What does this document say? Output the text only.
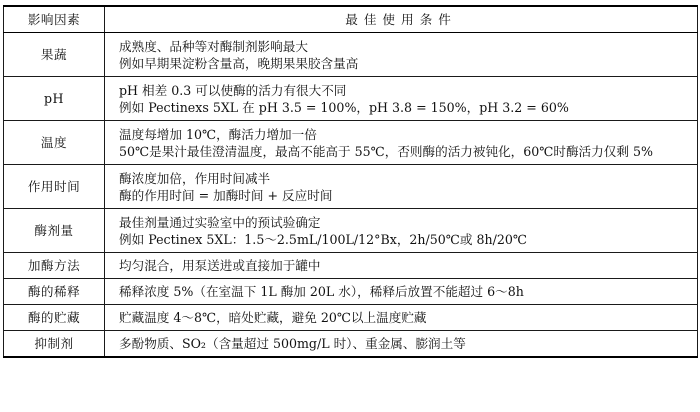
影响因素	最佳使用条件
果蔬	成熟度、品种等对酶制剂影响最大
例如早期果淀粉含量高，晚期果果胶含量高

pH	pH 相差 0.3 可以使酶的活力有很大不同
例如 Pectinexs 5XL 在 pH 3.5 = 100%，pH 3.8 = 150%，pH 3.2 = 60%

温度	温度每增加 10℃，酶活力增加一倍
50℃是果汁最佳澄清温度，最高不能高于 55℃，否则酶的活力被钝化，60℃时酶活力仅剩 5%

作用时间	酶浓度加倍，作用时间减半
酶的作用时间 = 加酶时间 + 反应时间

酶剂量	最佳剂量通过实验室中的预试验确定
例如 Pectinex 5XL：1.5～2.5mL/100L/12°Bx，2h/50℃或 8h/20℃

加酶方法	均匀混合，用泵送进或直接加于罐中

酶的稀释	稀释浓度 5%（在室温下 1L 酶加 20L 水），稀释后放置不能超过 6～8h

酶的贮藏	贮藏温度 4～8℃，暗处贮藏，避免 20℃以上温度贮藏

抑制剂	多酚物质、SO₂（含量超过 500mg/L 时）、重金属、膨润土等
